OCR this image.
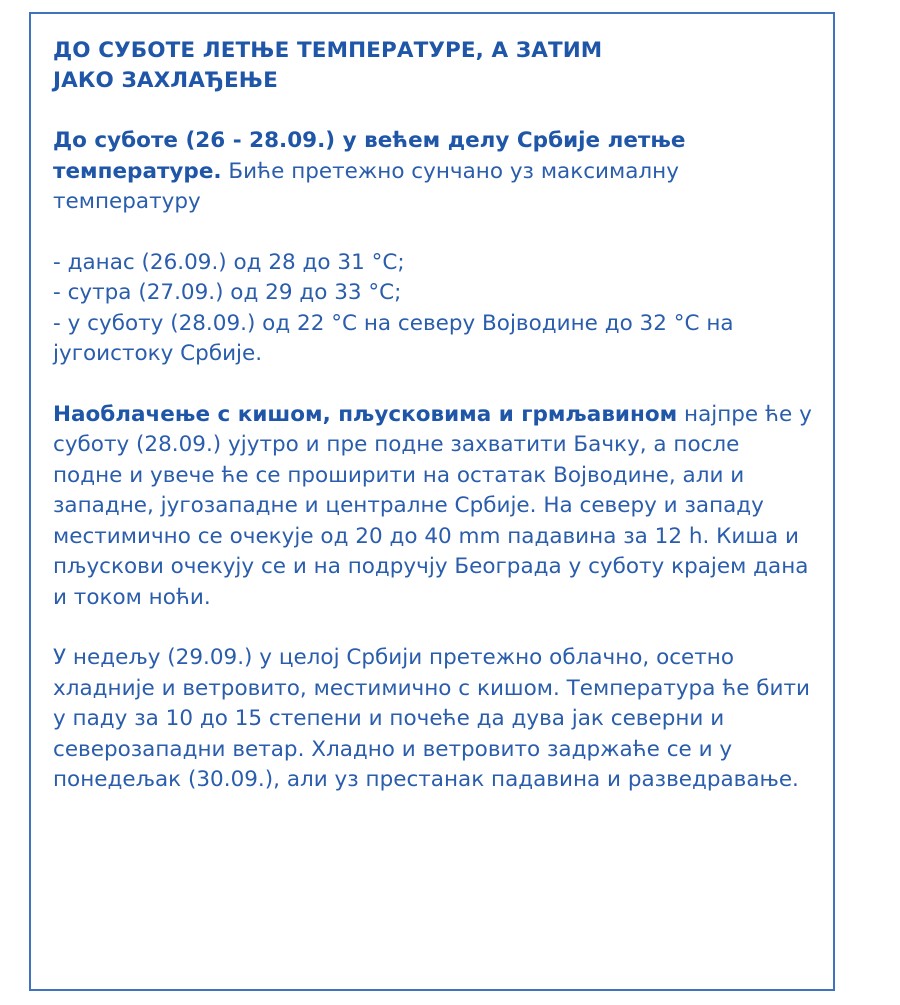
ДО СУБОТЕ ЛЕТЊЕ ТЕМПЕРАТУРЕ, А ЗАТИМ
ЈАКО ЗАХЛАЂЕЊЕ

До суботе (26 - 28.09.) у већем делу Србије летње температуре. Биће претежно сунчано уз максималну температуру

- данас (26.09.) од 28 до 31 °C;
- сутра (27.09.) од 29 до 33 °C;
- у суботу (28.09.) од 22 °C на северу Војводине до 32 °C на југоистоку Србије.

Наоблачење с кишом, пљусковима и грмљавином најпре ће у суботу (28.09.) ујутро и пре подне захватити Бачку, а после подне и увече ће се проширити на остатак Војводине, али и западне, југозападне и централне Србије. На северу и западу местимично се очекује од 20 до 40 mm падавина за 12 h. Киша и пљускови очекују се и на подручју Београда у суботу крајем дана и током ноћи.

У недељу (29.09.) у целој Србији претежно облачно, осетно хладније и ветровито, местимично с кишом. Температура ће бити у паду за 10 до 15 степени и почеће да дува јак северни и северозападни ветар. Хладно и ветровито задржаће се и у понедељак (30.09.), али уз престанак падавина и разведравање.
